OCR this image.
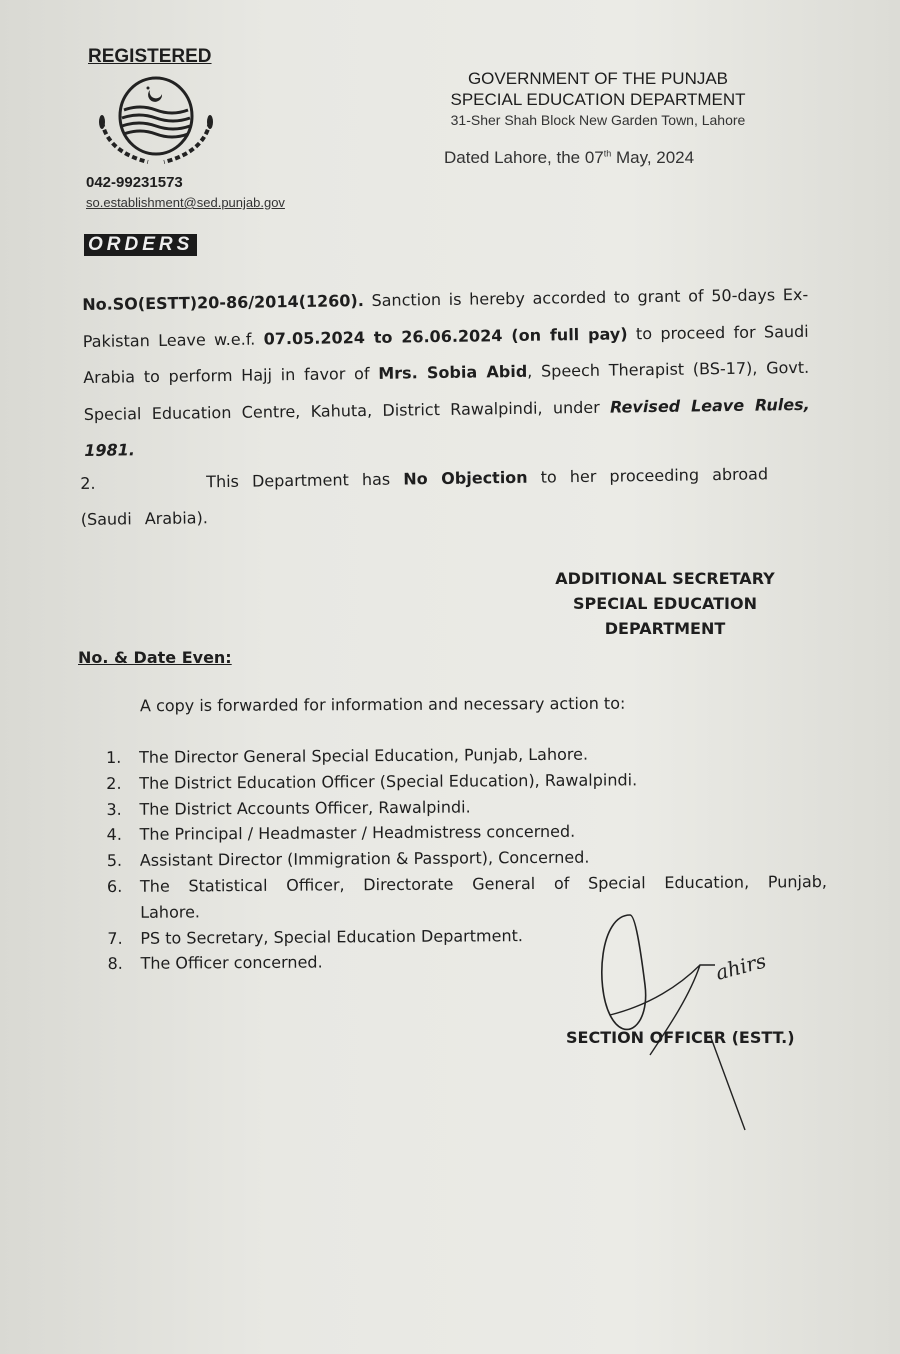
REGISTERED
042-99231573
so.establishment@sed.punjab.gov
ORDERS
GOVERNMENT OF THE PUNJAB
SPECIAL EDUCATION DEPARTMENT
31-Sher Shah Block New Garden Town, Lahore
Dated Lahore, the 07th May, 2024
No.SO(ESTT)20-86/2014(1260). Sanction is hereby accorded to grant of 50-days Ex-Pakistan Leave w.e.f. 07.05.2024 to 26.06.2024 (on full pay) to proceed for Saudi Arabia to perform Hajj in favor of Mrs. Sobia Abid, Speech Therapist (BS-17), Govt. Special Education Centre, Kahuta, District Rawalpindi, under Revised Leave Rules, 1981.
2.	This Department has No Objection to her proceeding abroad (Saudi Arabia).
ADDITIONAL SECRETARY
SPECIAL EDUCATION
DEPARTMENT
No. & Date Even:
A copy is forwarded for information and necessary action to:
1.	The Director General Special Education, Punjab, Lahore.
2.	The District Education Officer (Special Education), Rawalpindi.
3.	The District Accounts Officer, Rawalpindi.
4.	The Principal / Headmaster / Headmistress concerned.
5.	Assistant Director (Immigration & Passport), Concerned.
6.	The Statistical Officer, Directorate General of Special Education, Punjab, Lahore.
7.	PS to Secretary, Special Education Department.
8.	The Officer concerned.	ahirs
SECTION OFFICER (ESTT.)
